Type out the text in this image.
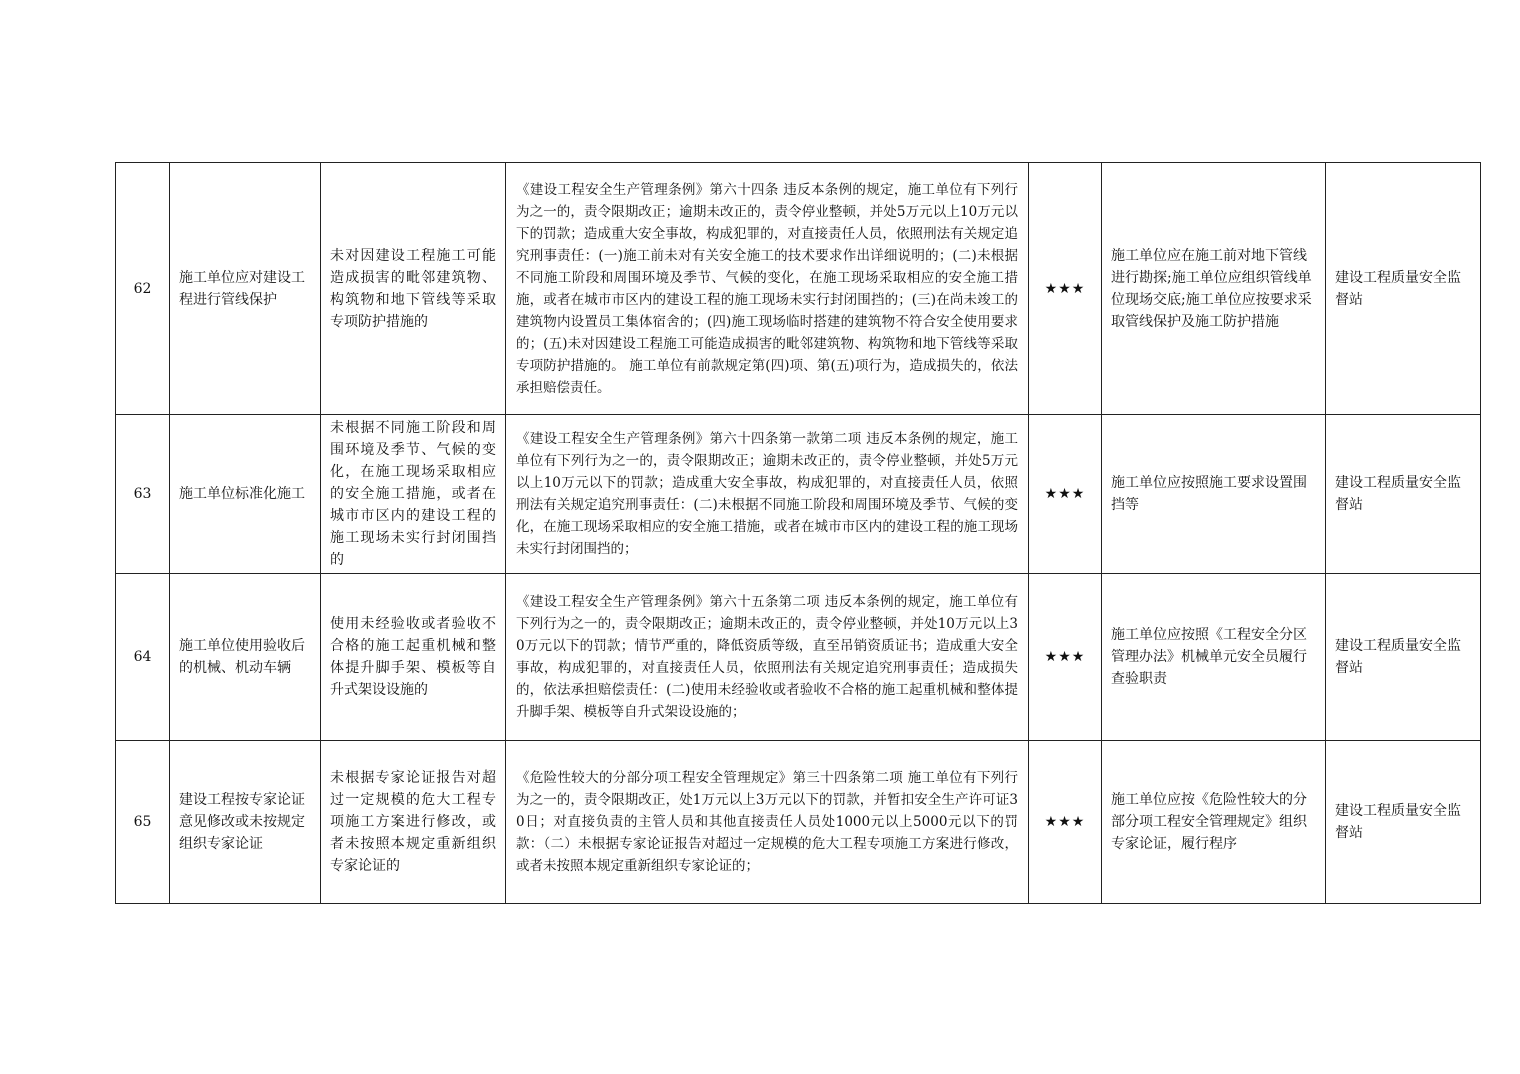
62	施工单位应对建设工程进行管线保护	未对因建设工程施工可能造成损害的毗邻建筑物、构筑物和地下管线等采取专项防护措施的	《建设工程安全生产管理条例》第六十四条 违反本条例的规定，施工单位有下列行为之一的，责令限期改正；逾期未改正的，责令停业整顿，并处5万元以上10万元以下的罚款；造成重大安全事故，构成犯罪的，对直接责任人员，依照刑法有关规定追究刑事责任：(一)施工前未对有关安全施工的技术要求作出详细说明的；(二)未根据不同施工阶段和周围环境及季节、气候的变化，在施工现场采取相应的安全施工措施，或者在城市市区内的建设工程的施工现场未实行封闭围挡的；(三)在尚未竣工的建筑物内设置员工集体宿舍的；(四)施工现场临时搭建的建筑物不符合安全使用要求的；(五)未对因建设工程施工可能造成损害的毗邻建筑物、构筑物和地下管线等采取专项防护措施的。 施工单位有前款规定第(四)项、第(五)项行为，造成损失的，依法承担赔偿责任。	★★★	施工单位应在施工前对地下管线进行勘探;施工单位应组织管线单位现场交底;施工单位应按要求采取管线保护及施工防护措施	建设工程质量安全监督站
63	施工单位标准化施工	未根据不同施工阶段和周围环境及季节、气候的变化，在施工现场采取相应的安全施工措施，或者在城市市区内的建设工程的施工现场未实行封闭围挡的	《建设工程安全生产管理条例》第六十四条第一款第二项 违反本条例的规定，施工单位有下列行为之一的，责令限期改正；逾期未改正的，责令停业整顿，并处5万元以上10万元以下的罚款；造成重大安全事故，构成犯罪的，对直接责任人员，依照刑法有关规定追究刑事责任：(二)未根据不同施工阶段和周围环境及季节、气候的变化，在施工现场采取相应的安全施工措施，或者在城市市区内的建设工程的施工现场未实行封闭围挡的；	★★★	施工单位应按照施工要求设置围挡等	建设工程质量安全监督站
64	施工单位使用验收后的机械、机动车辆	使用未经验收或者验收不合格的施工起重机械和整体提升脚手架、模板等自升式架设设施的	《建设工程安全生产管理条例》第六十五条第二项 违反本条例的规定，施工单位有下列行为之一的，责令限期改正；逾期未改正的，责令停业整顿，并处10万元以上30万元以下的罚款；情节严重的，降低资质等级，直至吊销资质证书；造成重大安全事故，构成犯罪的，对直接责任人员，依照刑法有关规定追究刑事责任；造成损失的，依法承担赔偿责任：(二)使用未经验收或者验收不合格的施工起重机械和整体提升脚手架、模板等自升式架设设施的；	★★★	施工单位应按照《工程安全分区管理办法》机械单元安全员履行查验职责	建设工程质量安全监督站
65	建设工程按专家论证意见修改或未按规定组织专家论证	未根据专家论证报告对超过一定规模的危大工程专项施工方案进行修改，或者未按照本规定重新组织专家论证的	《危险性较大的分部分项工程安全管理规定》第三十四条第二项 施工单位有下列行为之一的，责令限期改正，处1万元以上3万元以下的罚款，并暂扣安全生产许可证30日；对直接负责的主管人员和其他直接责任人员处1000元以上5000元以下的罚款：（二）未根据专家论证报告对超过一定规模的危大工程专项施工方案进行修改，或者未按照本规定重新组织专家论证的；	★★★	施工单位应按《危险性较大的分部分项工程安全管理规定》组织专家论证，履行程序	建设工程质量安全监督站
